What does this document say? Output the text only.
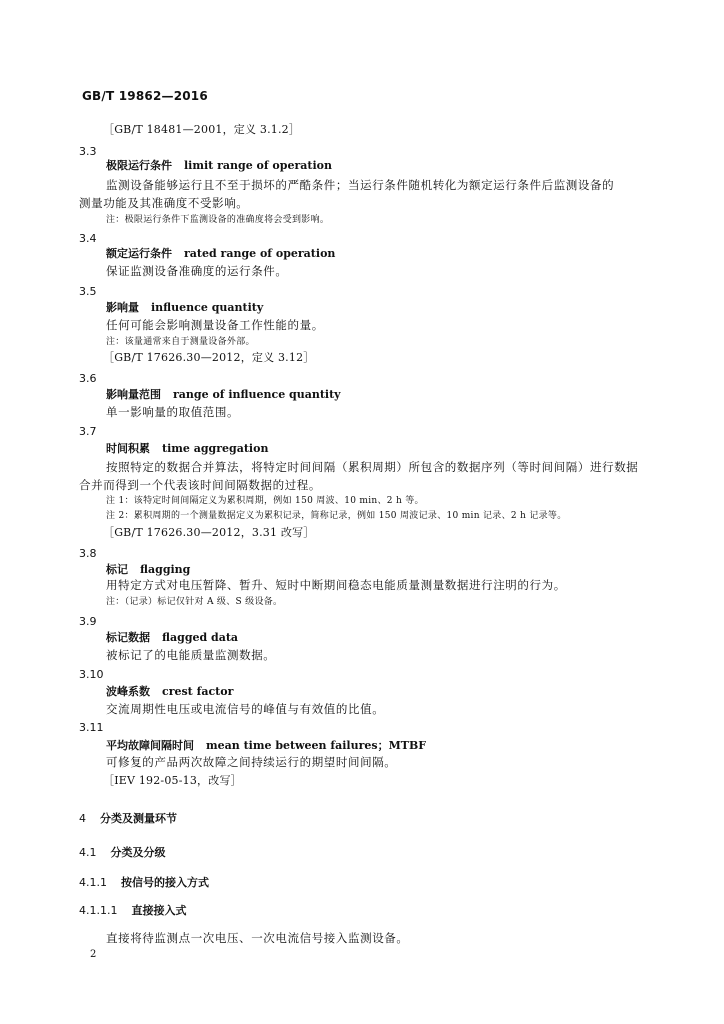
GB/T 19862—2016
［GB/T 18481—2001，定义 3.1.2］
3.3
极限运行条件 limit range of operation
监测设备能够运行且不至于损坏的严酷条件；当运行条件随机转化为额定运行条件后监测设备的
测量功能及其准确度不受影响。
注：极限运行条件下监测设备的准确度将会受到影响。
3.4
额定运行条件 rated range of operation
保证监测设备准确度的运行条件。
3.5
影响量 influence quantity
任何可能会影响测量设备工作性能的量。
注：该量通常来自于测量设备外部。
［GB/T 17626.30—2012，定义 3.12］
3.6
影响量范围 range of influence quantity
单一影响量的取值范围。
3.7
时间积累 time aggregation
按照特定的数据合并算法，将特定时间间隔（累积周期）所包含的数据序列（等时间间隔）进行数据
合并而得到一个代表该时间间隔数据的过程。
注 1：该特定时间间隔定义为累积周期，例如 150 周波、10 min、2 h 等。
注 2：累积周期的一个测量数据定义为累积记录，简称记录，例如 150 周波记录、10 min 记录、2 h 记录等。
［GB/T 17626.30—2012，3.31 改写］
3.8
标记 flagging
用特定方式对电压暂降、暂升、短时中断期间稳态电能质量测量数据进行注明的行为。
注：（记录）标记仅针对 A 级、S 级设备。
3.9
标记数据 flagged data
被标记了的电能质量监测数据。
3.10
波峰系数 crest factor
交流周期性电压或电流信号的峰值与有效值的比值。
3.11
平均故障间隔时间 mean time between failures；MTBF
可修复的产品两次故障之间持续运行的期望时间间隔。
［IEV 192-05-13，改写］
4 分类及测量环节
4.1 分类及分级
4.1.1 按信号的接入方式
4.1.1.1 直接接入式
直接将待监测点一次电压、一次电流信号接入监测设备。
2
